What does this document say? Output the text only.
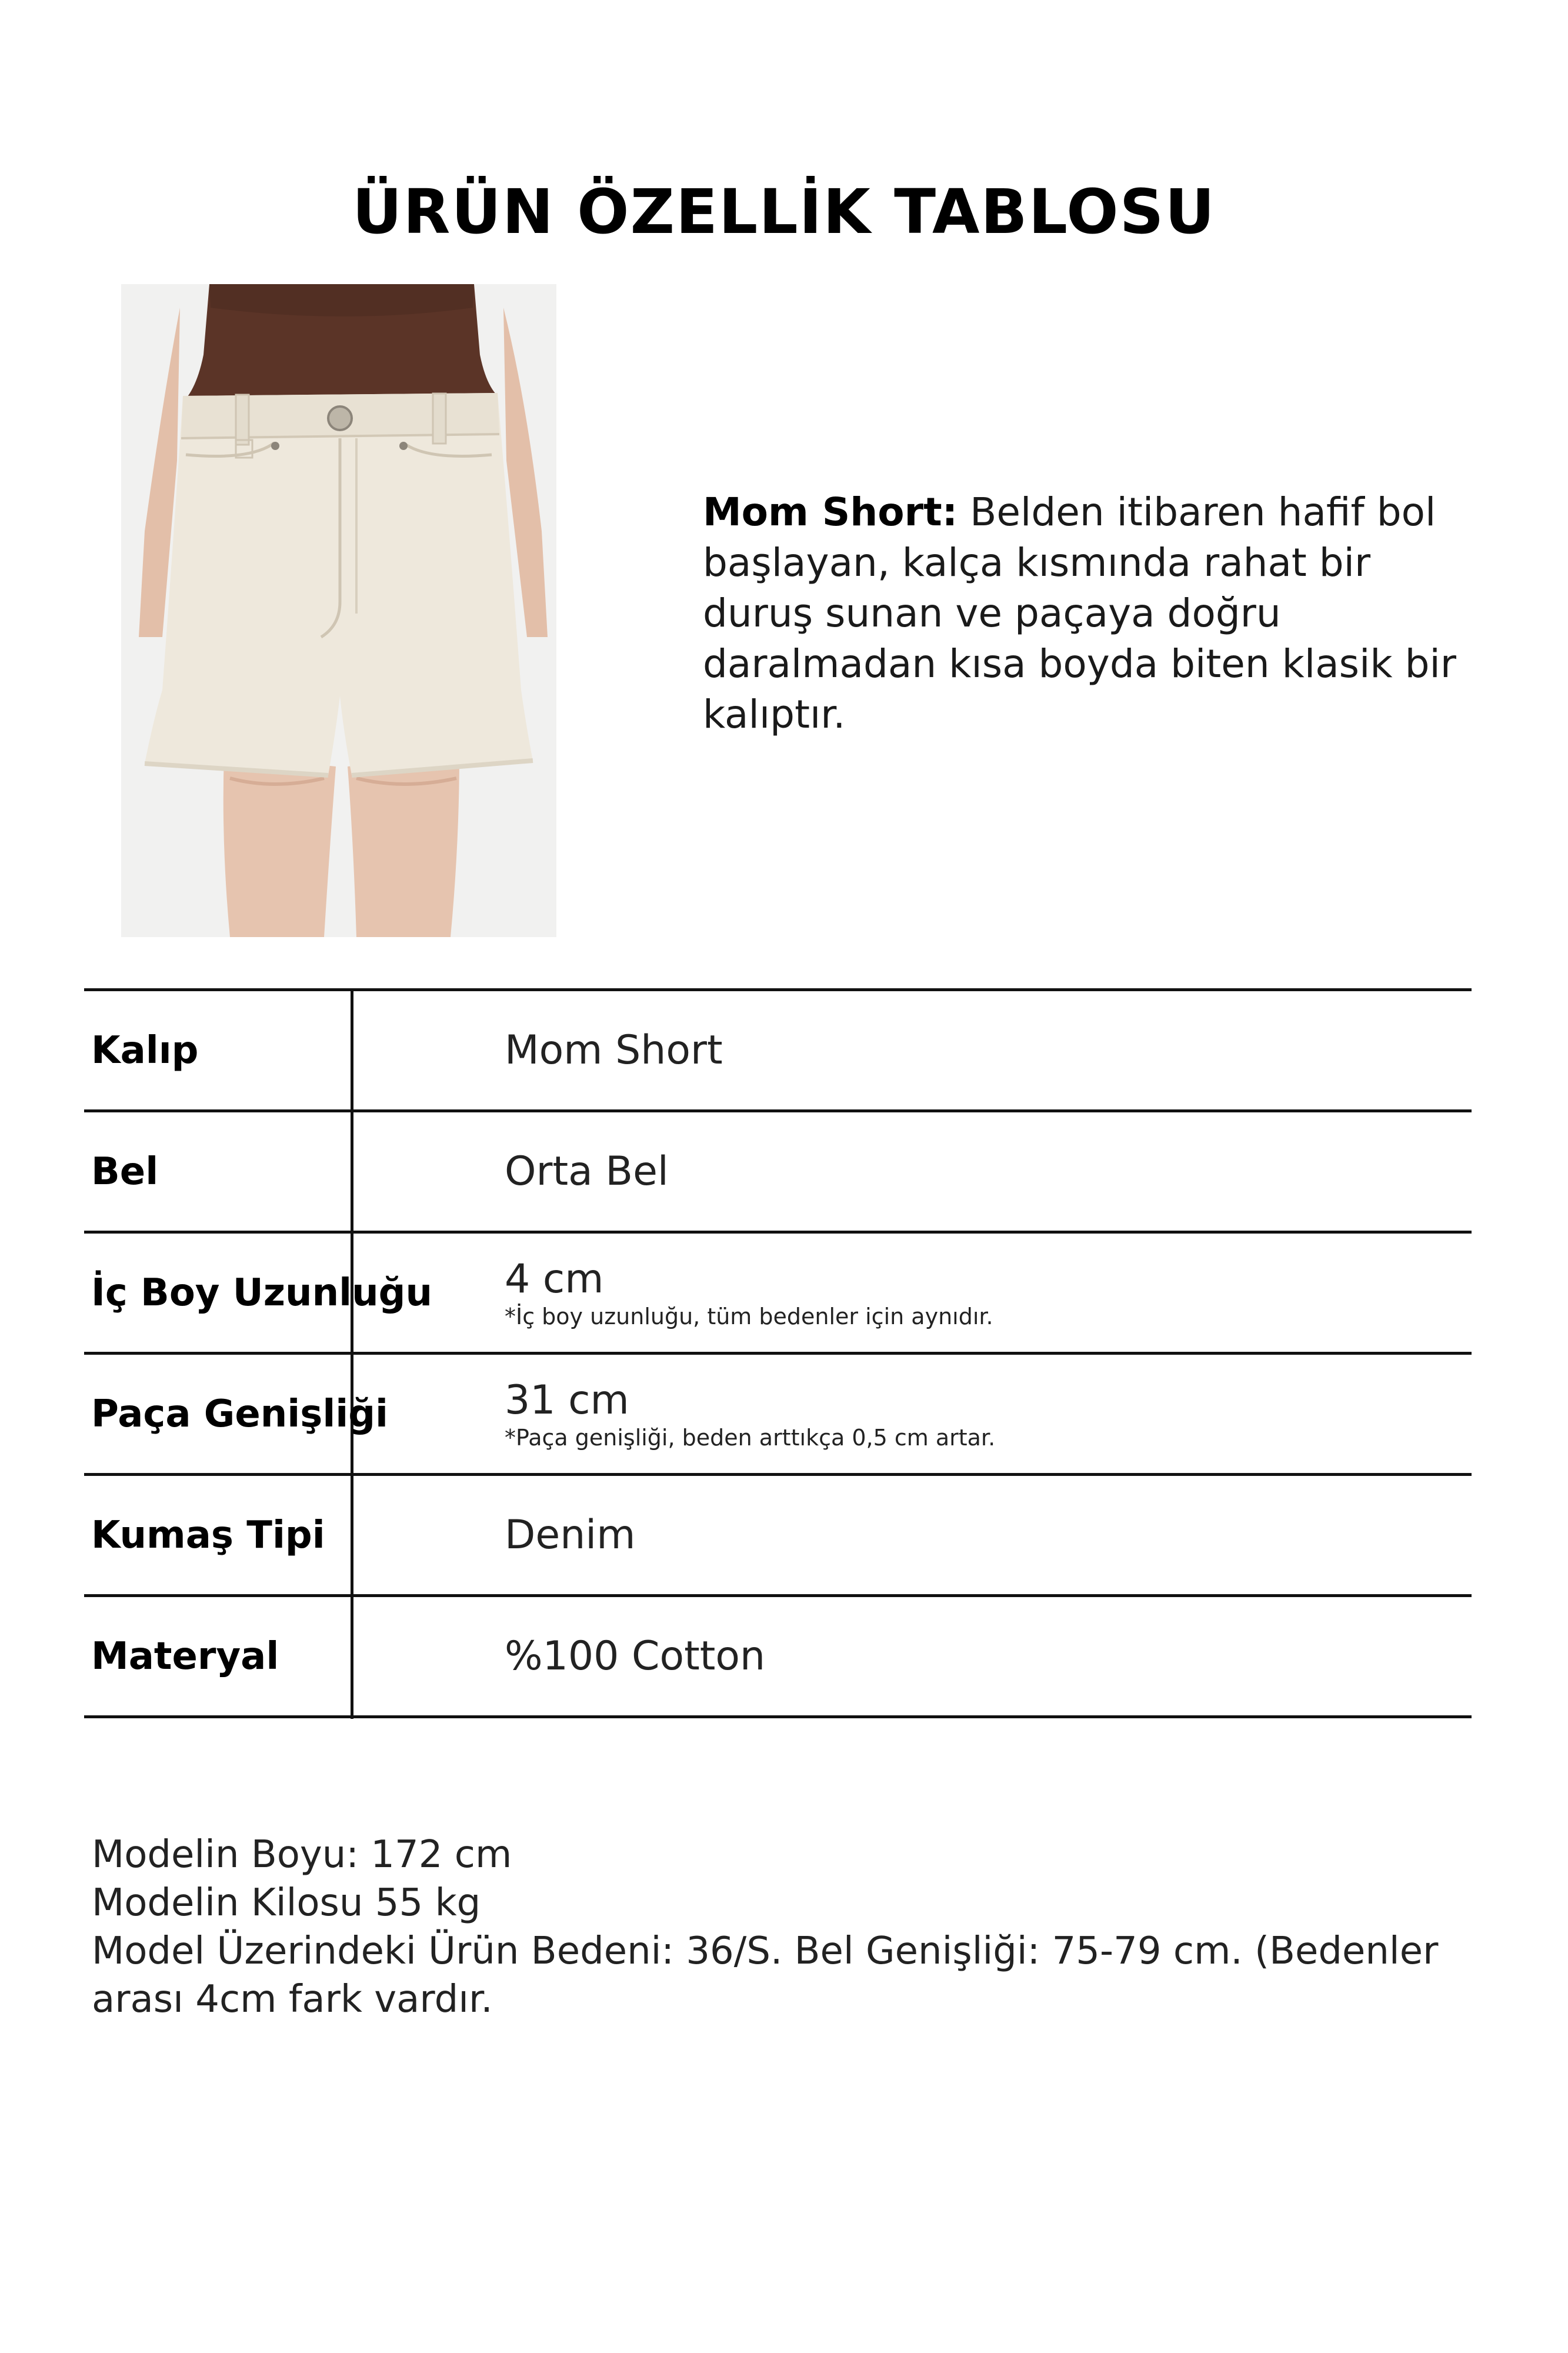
ÜRÜN ÖZELLİK TABLOSU
Mom Short: Belden itibaren hafif bol başlayan, kalça kısmında rahat bir duruş sunan ve paçaya doğru daralmadan kısa boyda biten klasik bir kalıptır.
Kalıp	Mom Short
Bel	Orta Bel
İç Boy Uzunluğu 4 cm
*İç boy uzunluğu, tüm bedenler için aynıdır.
Paça Genişliği	31 cm
*Paça genişliği, beden arttıkça 0,5 cm artar.
Kumaş Tipi	Denim
Materyal	%100 Cotton
Modelin Boyu: 172 cm
Modelin Kilosu 55 kg
Model Üzerindeki Ürün Bedeni: 36/S. Bel Genişliği: 75-79 cm. (Bedenler arası 4cm fark vardır.
